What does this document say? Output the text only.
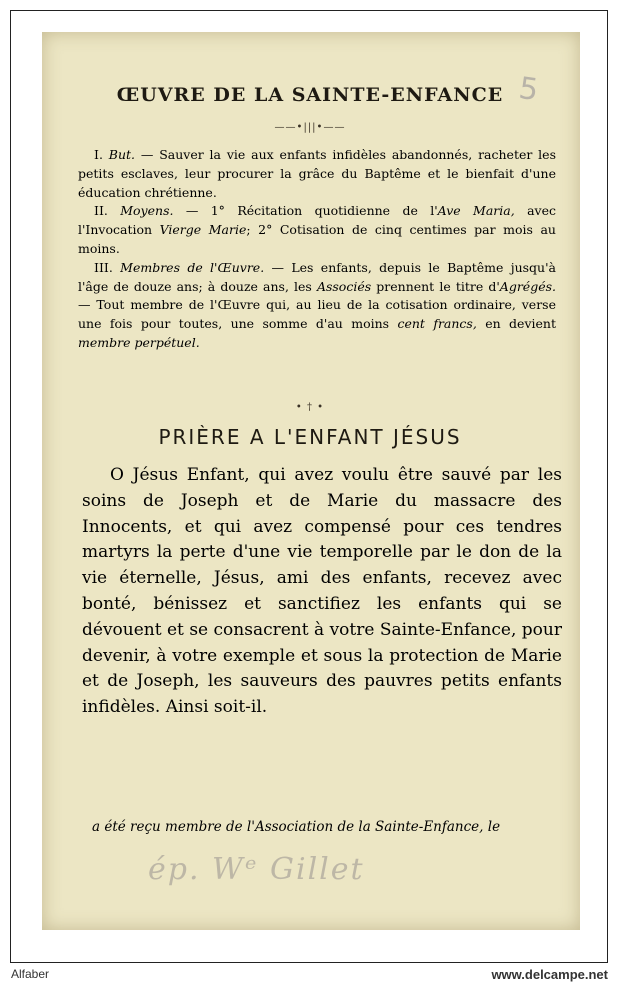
5
ŒUVRE DE LA SAINTE-ENFANCE
——•|||•——

I. But. — Sauver la vie aux enfants infidèles abandonnés, racheter les petits esclaves, leur procurer la grâce du Baptême et le bienfait d'une éducation chrétienne.

II. Moyens. — 1° Récitation quotidienne de l'Ave Maria, avec l'Invocation Vierge Marie; 2° Cotisation de cinq centimes par mois au moins.

III. Membres de l'Œuvre. — Les enfants, depuis le Baptême jusqu'à l'âge de douze ans; à douze ans, les Associés prennent le titre d'Agrégés. — Tout membre de l'Œuvre qui, au lieu de la cotisation ordinaire, verse une fois pour toutes, une somme d'au moins cent francs, en devient membre perpétuel.

• † •
PRIÈRE A L'ENFANT JÉSUS

O Jésus Enfant, qui avez voulu être sauvé par les soins de Joseph et de Marie du massacre des Innocents, et qui avez compensé pour ces tendres martyrs la perte d'une vie temporelle par le don de la vie éternelle, Jésus, ami des enfants, recevez avec bonté, bénissez et sanctifiez les enfants qui se dévouent et se consacrent à votre Sainte-Enfance, pour devenir, à votre exemple et sous la protection de Marie et de Joseph, les sauveurs des pauvres petits enfants infidèles. Ainsi soit-il.

a été reçu membre de l'Association de la Sainte-Enfance, le
ép. Wᵉ Gillet
Alfaber	www.delcampe.net
